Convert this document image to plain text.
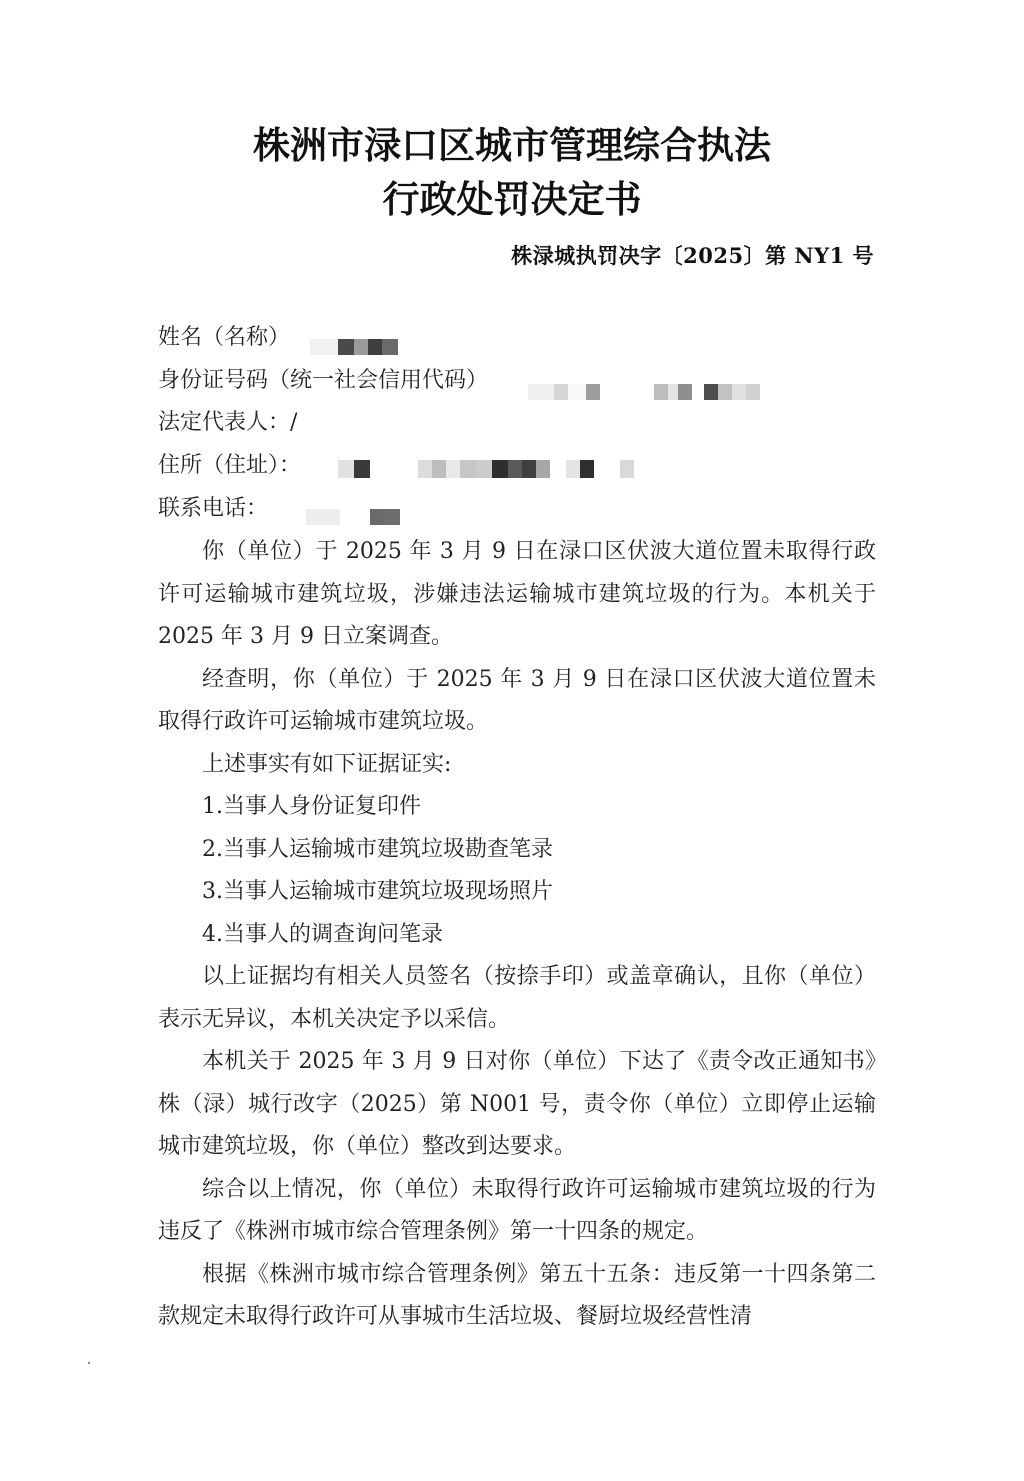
株洲市渌口区城市管理综合执法
行政处罚决定书
株渌城执罚决字〔2025〕第 NY1 号
姓名（名称）
身份证号码（统一社会信用代码）
法定代表人：/
住所（住址）：
联系电话：

你（单位）于 2025 年 3 月 9 日在渌口区伏波大道位置未取得行政许可运输城市建筑垃圾，涉嫌违法运输城市建筑垃圾的行为。本机关于 2025 年 3 月 9 日立案调查。

经查明，你（单位）于 2025 年 3 月 9 日在渌口区伏波大道位置未取得行政许可运输城市建筑垃圾。

上述事实有如下证据证实:

1.当事人身份证复印件

2.当事人运输城市建筑垃圾勘查笔录

3.当事人运输城市建筑垃圾现场照片

4.当事人的调查询问笔录

以上证据均有相关人员签名（按捺手印）或盖章确认，且你（单位）表示无异议，本机关决定予以采信。

本机关于 2025 年 3 月 9 日对你（单位）下达了《责令改正通知书》株（渌）城行改字（2025）第 N001 号，责令你（单位）立即停止运输城市建筑垃圾，你（单位）整改到达要求。

综合以上情况，你（单位）未取得行政许可运输城市建筑垃圾的行为违反了《株洲市城市综合管理条例》第一十四条的规定。

根据《株洲市城市综合管理条例》第五十五条：违反第一十四条第二款规定未取得行政许可从事城市生活垃圾、餐厨垃圾经营性清
